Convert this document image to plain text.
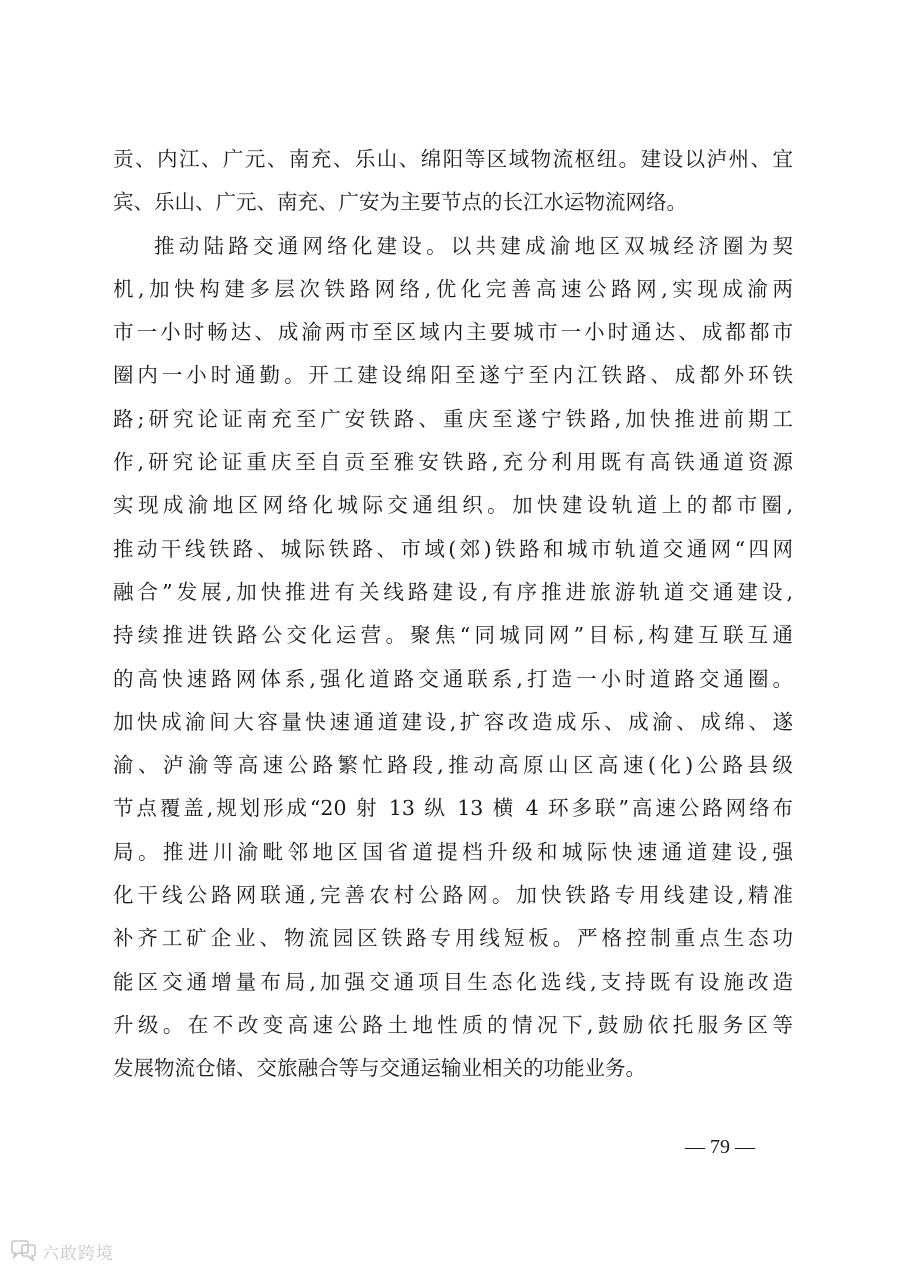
贡、内江、广元、南充、乐山、绵阳等区域物流枢纽。建设以泸州、宜
宾、乐山、广元、南充、广安为主要节点的长江水运物流网络。
推动陆路交通网络化建设。以共建成渝地区双城经济圈为契
机,加快构建多层次铁路网络,优化完善高速公路网,实现成渝两
市一小时畅达、成渝两市至区域内主要城市一小时通达、成都都市
圈内一小时通勤。开工建设绵阳至遂宁至内江铁路、成都外环铁
路;研究论证南充至广安铁路、重庆至遂宁铁路,加快推进前期工
作,研究论证重庆至自贡至雅安铁路,充分利用既有高铁通道资源
实现成渝地区网络化城际交通组织。加快建设轨道上的都市圈,
推动干线铁路、城际铁路、市域(郊)铁路和城市轨道交通网“四网
融合”发展,加快推进有关线路建设,有序推进旅游轨道交通建设,
持续推进铁路公交化运营。聚焦“同城同网”目标,构建互联互通
的高快速路网体系,强化道路交通联系,打造一小时道路交通圈。
加快成渝间大容量快速通道建设,扩容改造成乐、成渝、成绵、遂
渝、泸渝等高速公路繁忙路段,推动高原山区高速(化)公路县级
节点覆盖,规划形成“20 射 13 纵 13 横 4 环多联”高速公路网络布
局。推进川渝毗邻地区国省道提档升级和城际快速通道建设,强
化干线公路网联通,完善农村公路网。加快铁路专用线建设,精准
补齐工矿企业、物流园区铁路专用线短板。严格控制重点生态功
能区交通增量布局,加强交通项目生态化选线,支持既有设施改造
升级。在不改变高速公路土地性质的情况下,鼓励依托服务区等
发展物流仓储、交旅融合等与交通运输业相关的功能业务。
— 79 —
六敢跨境
